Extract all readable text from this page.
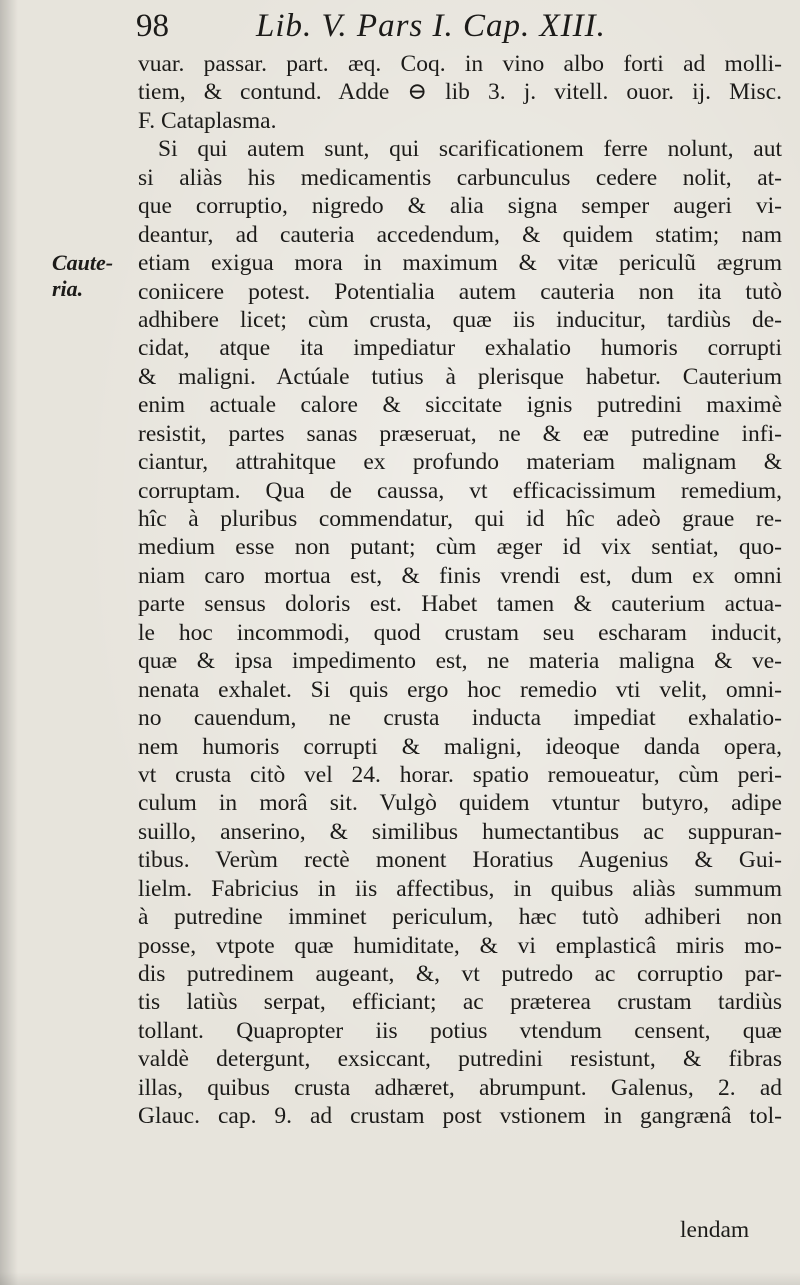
98	Lib. V. Pars I. Cap. XIII.
Caute-
ria.
vuar. passar. part. æq. Coq. in vino albo forti ad molli-
tiem, & contund. Adde ⊖ lib 3. j. vitell. ouor. ij. Misc.
F. Cataplasma.
Si qui autem sunt, qui scarificationem ferre nolunt, aut
si aliàs his medicamentis carbunculus cedere nolit, at-
que corruptio, nigredo & alia signa semper augeri vi-
deantur, ad cauteria accedendum, & quidem statim; nam
etiam exigua mora in maximum & vitæ periculũ ægrum
coniicere potest. Potentialia autem cauteria non ita tutò
adhibere licet; cùm crusta, quæ iis inducitur, tardiùs de-
cidat, atque ita impediatur exhalatio humoris corrupti
& maligni. Actúale tutius à plerisque habetur. Cauterium
enim actuale calore & siccitate ignis putredini maximè
resistit, partes sanas præseruat, ne & eæ putredine infi-
ciantur, attrahitque ex profundo materiam malignam &
corruptam. Qua de caussa, vt efficacissimum remedium,
hîc à pluribus commendatur, qui id hîc adeò graue re-
medium esse non putant; cùm æger id vix sentiat, quo-
niam caro mortua est, & finis vrendi est, dum ex omni
parte sensus doloris est. Habet tamen & cauterium actua-
le hoc incommodi, quod crustam seu escharam inducit,
quæ & ipsa impedimento est, ne materia maligna & ve-
nenata exhalet. Si quis ergo hoc remedio vti velit, omni-
no cauendum, ne crusta inducta impediat exhalatio-
nem humoris corrupti & maligni, ideoque danda opera,
vt crusta citò vel 24. horar. spatio remoueatur, cùm peri-
culum in morâ sit. Vulgò quidem vtuntur butyro, adipe
suillo, anserino, & similibus humectantibus ac suppuran-
tibus. Verùm rectè monent Horatius Augenius & Gui-
lielm. Fabricius in iis affectibus, in quibus aliàs summum
à putredine imminet periculum, hæc tutò adhiberi non
posse, vtpote quæ humiditate, & vi emplasticâ miris mo-
dis putredinem augeant, &, vt putredo ac corruptio par-
tis latiùs serpat, efficiant; ac præterea crustam tardiùs
tollant. Quapropter iis potius vtendum censent, quæ
valdè detergunt, exsiccant, putredini resistunt, & fibras
illas, quibus crusta adhæret, abrumpunt. Galenus, 2. ad
Glauc. cap. 9. ad crustam post vstionem in gangrænâ tol-
lendam
